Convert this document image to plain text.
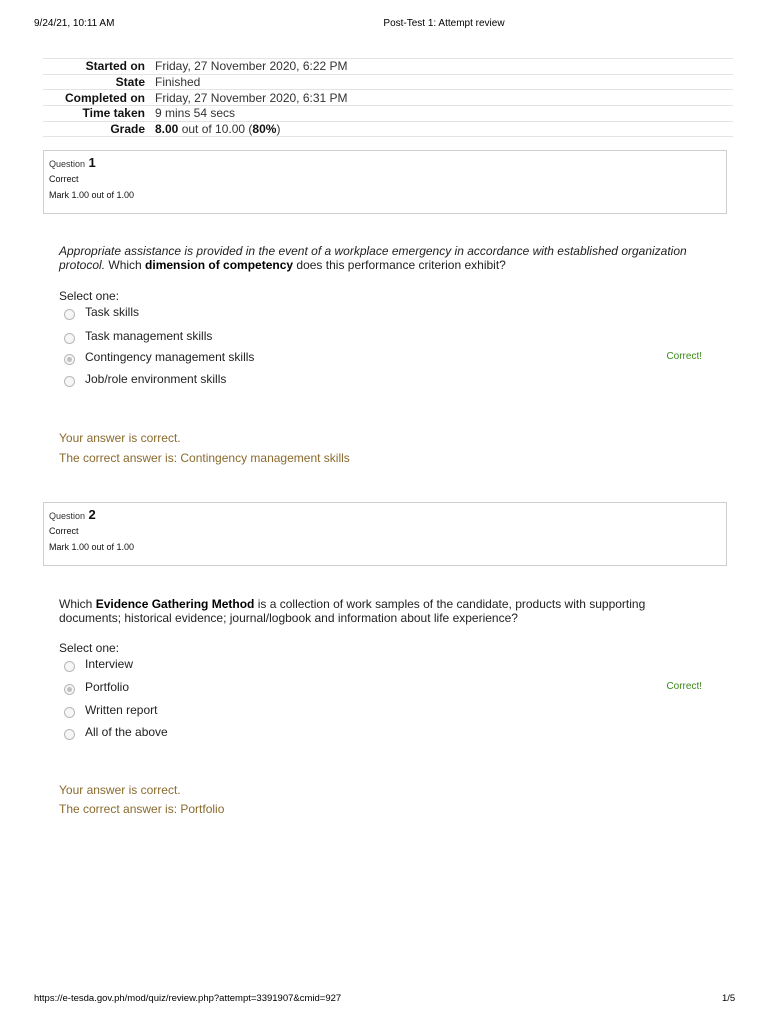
9/24/21, 10:11 AM	Post-Test 1: Attempt review
Started on	Friday, 27 November 2020, 6:22 PM
State	Finished
Completed on	Friday, 27 November 2020, 6:31 PM
Time taken	9 mins 54 secs
Grade	8.00 out of 10.00 (80%)
Question 1
Correct
Mark 1.00 out of 1.00
Appropriate assistance is provided in the event of a workplace emergency in accordance with established organization protocol. Which dimension of competency does this performance criterion exhibit?
Select one:
Task skills
Task management skills
Contingency management skills	Correct!
Job/role environment skills
Your answer is correct.
The correct answer is: Contingency management skills
Question 2
Correct
Mark 1.00 out of 1.00
Which Evidence Gathering Method is a collection of work samples of the candidate, products with supporting documents; historical evidence; journal/logbook and information about life experience?
Select one:
Interview
Portfolio	Correct!
Written report
All of the above
Your answer is correct.
The correct answer is: Portfolio
https://e-tesda.gov.ph/mod/quiz/review.php?attempt=3391907&cmid=927	1/5
